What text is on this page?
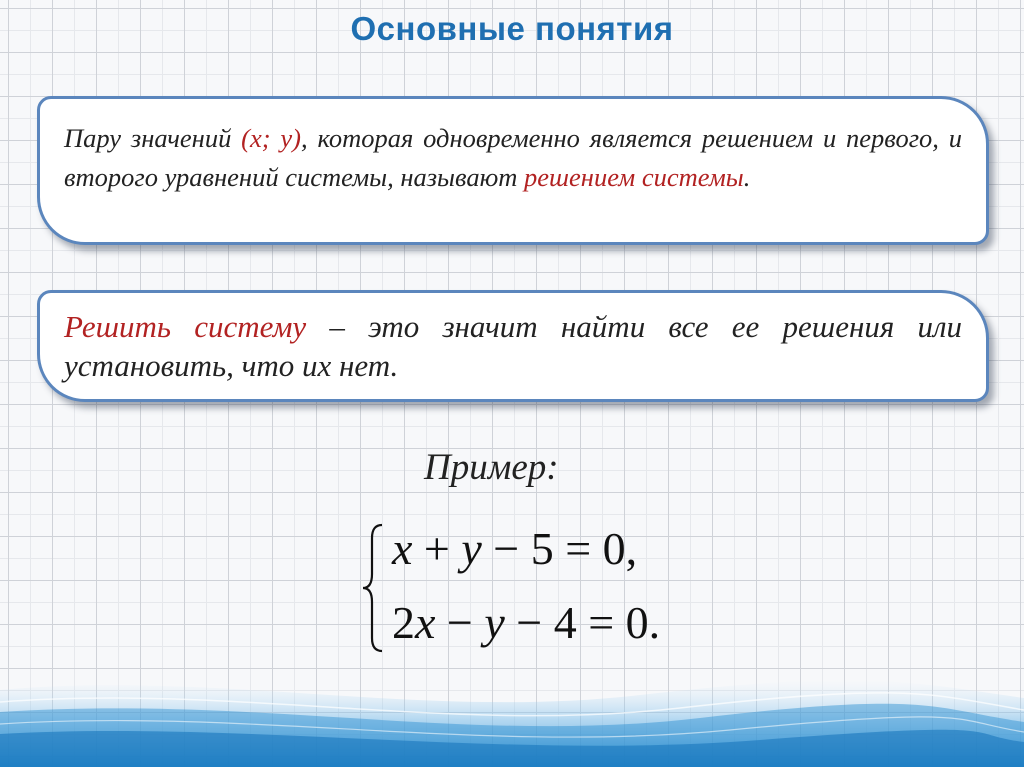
Основные понятия
Пару значений (x; y), которая одновременно является решением и первого, и второго уравнений системы, называют решением системы.
Решить систему – это значит найти все ее решения или установить, что их нет.
Пример:
x + y − 5 = 0,
2x − y − 4 = 0.
